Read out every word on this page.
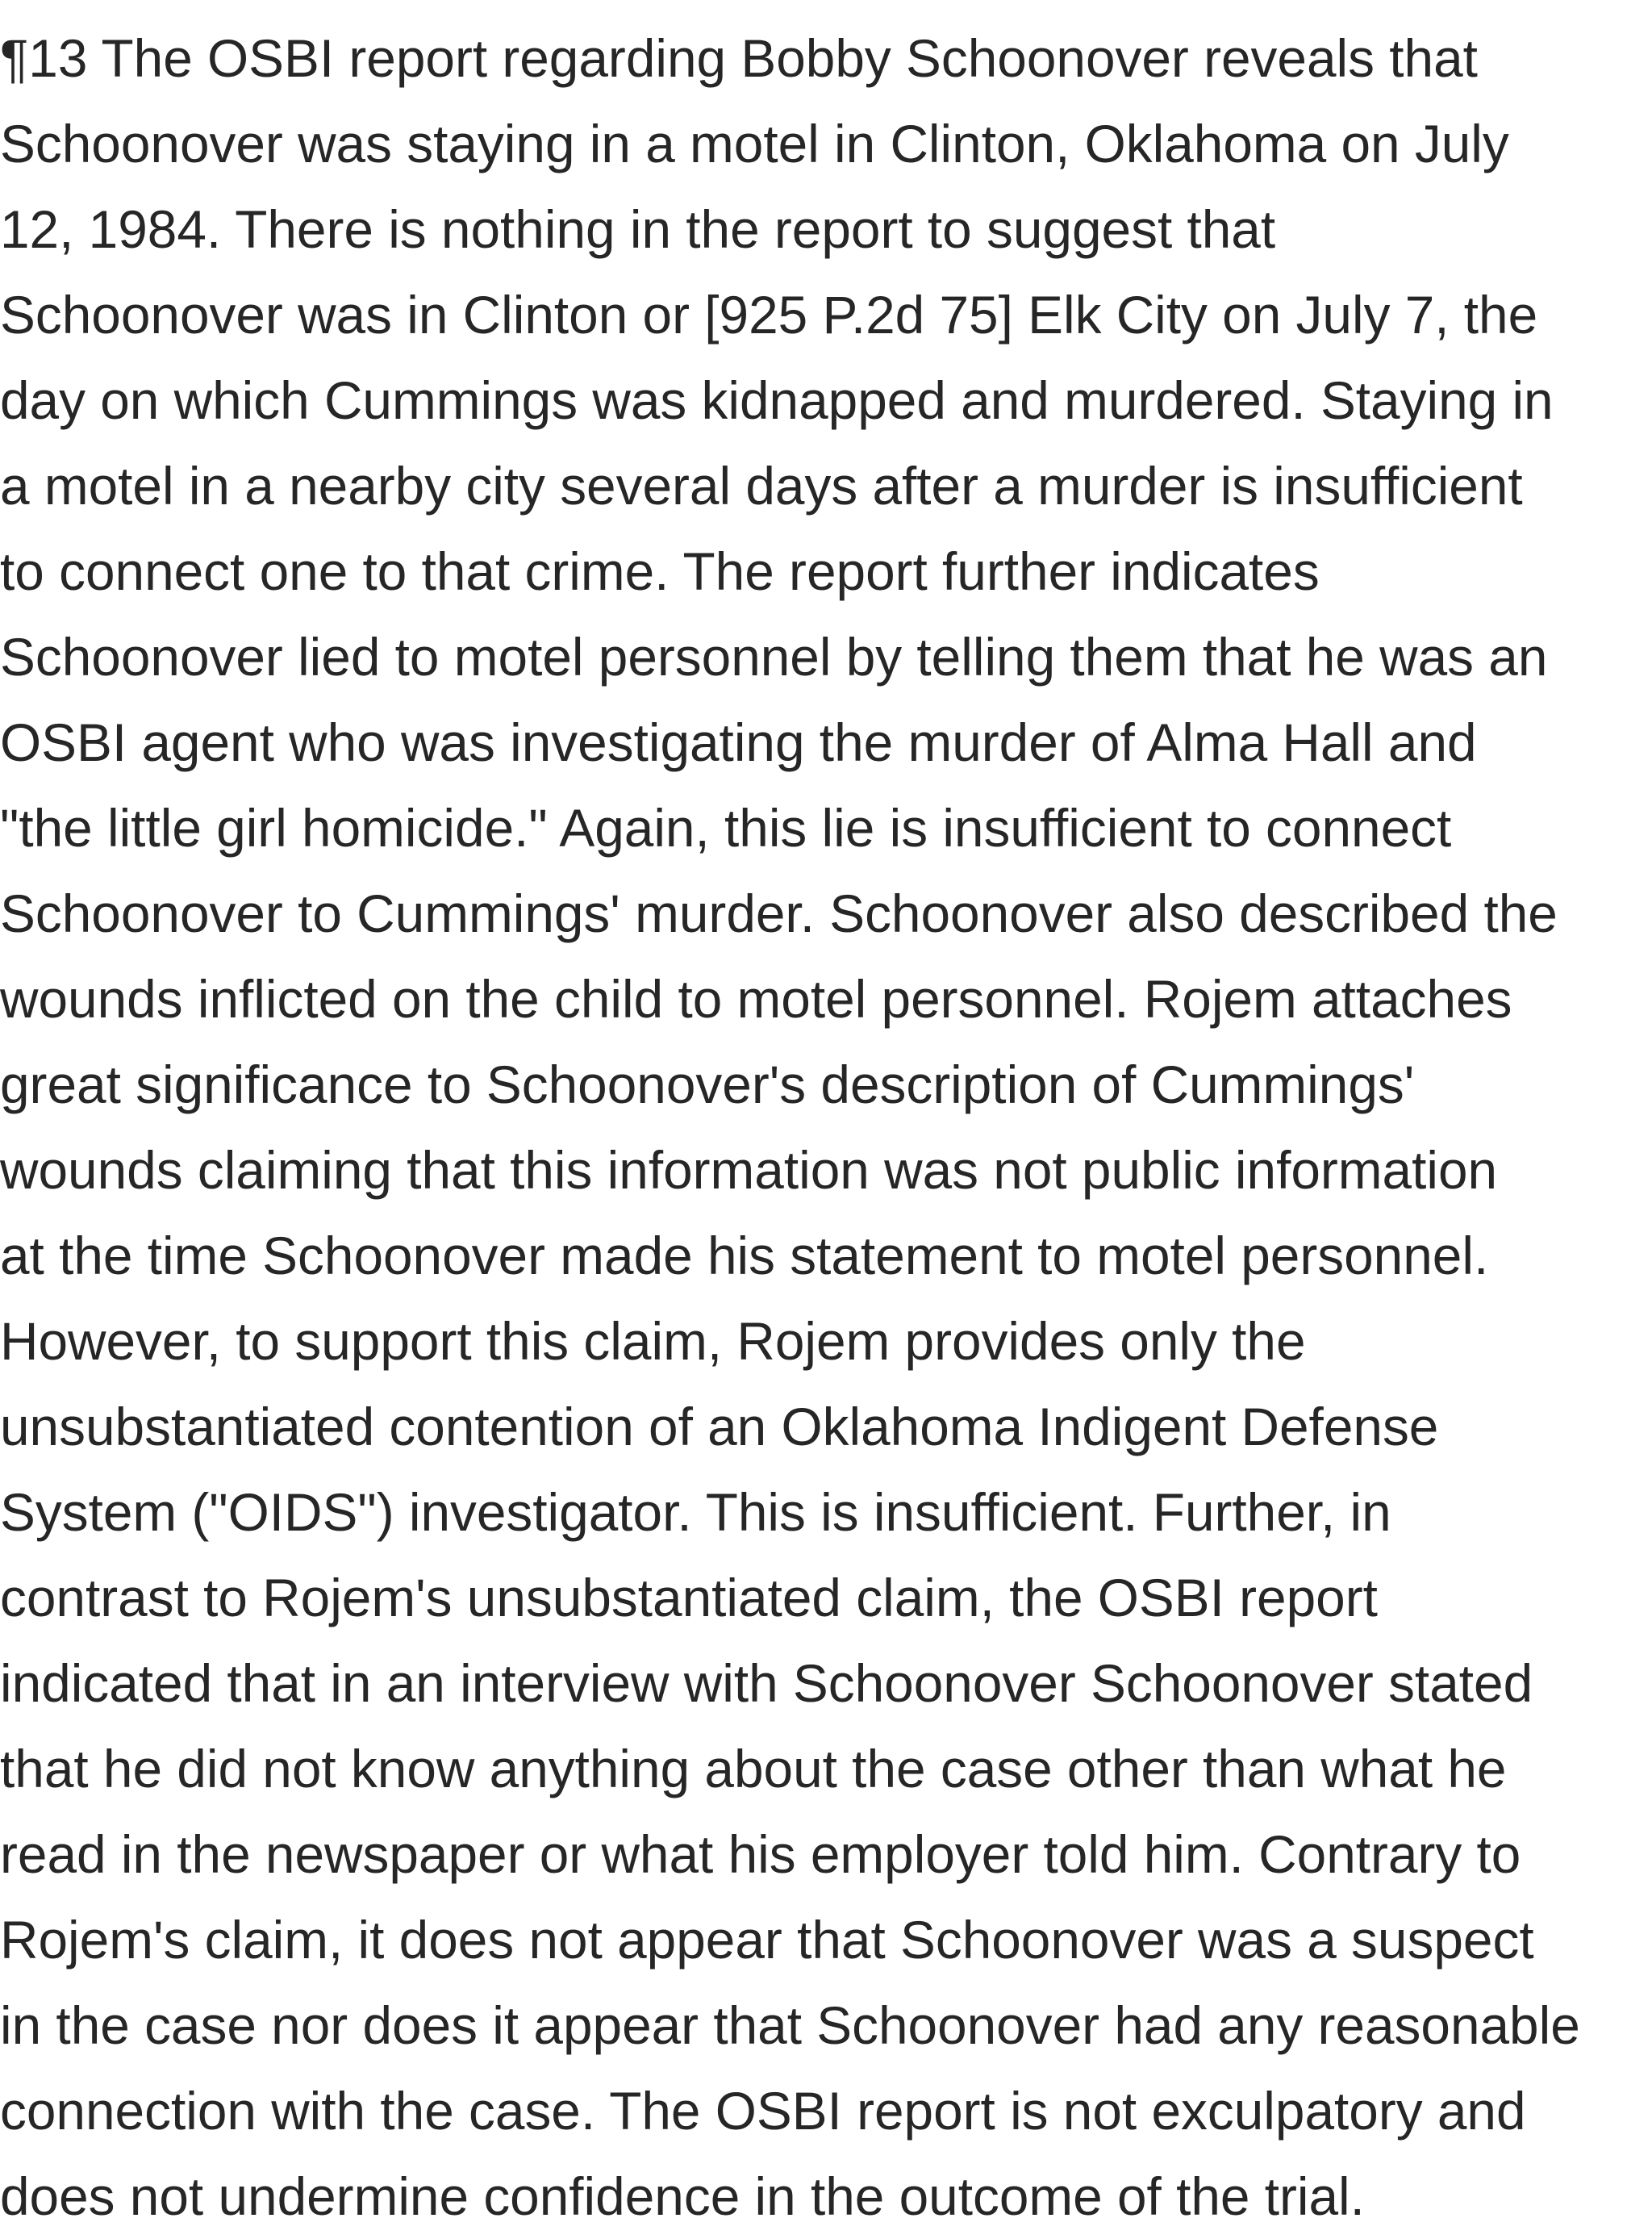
¶13 The OSBI report regarding Bobby Schoonover reveals that
Schoonover was staying in a motel in Clinton, Oklahoma on July
12, 1984. There is nothing in the report to suggest that
Schoonover was in Clinton or [925 P.2d 75] Elk City on July 7, the
day on which Cummings was kidnapped and murdered. Staying in
a motel in a nearby city several days after a murder is insufficient
to connect one to that crime. The report further indicates
Schoonover lied to motel personnel by telling them that he was an
OSBI agent who was investigating the murder of Alma Hall and
"the little girl homicide." Again, this lie is insufficient to connect
Schoonover to Cummings' murder. Schoonover also described the
wounds inflicted on the child to motel personnel. Rojem attaches
great significance to Schoonover's description of Cummings'
wounds claiming that this information was not public information
at the time Schoonover made his statement to motel personnel.
However, to support this claim, Rojem provides only the
unsubstantiated contention of an Oklahoma Indigent Defense
System ("OIDS") investigator. This is insufficient. Further, in
contrast to Rojem's unsubstantiated claim, the OSBI report
indicated that in an interview with Schoonover Schoonover stated
that he did not know anything about the case other than what he
read in the newspaper or what his employer told him. Contrary to
Rojem's claim, it does not appear that Schoonover was a suspect
in the case nor does it appear that Schoonover had any reasonable
connection with the case. The OSBI report is not exculpatory and
does not undermine confidence in the outcome of the trial.
